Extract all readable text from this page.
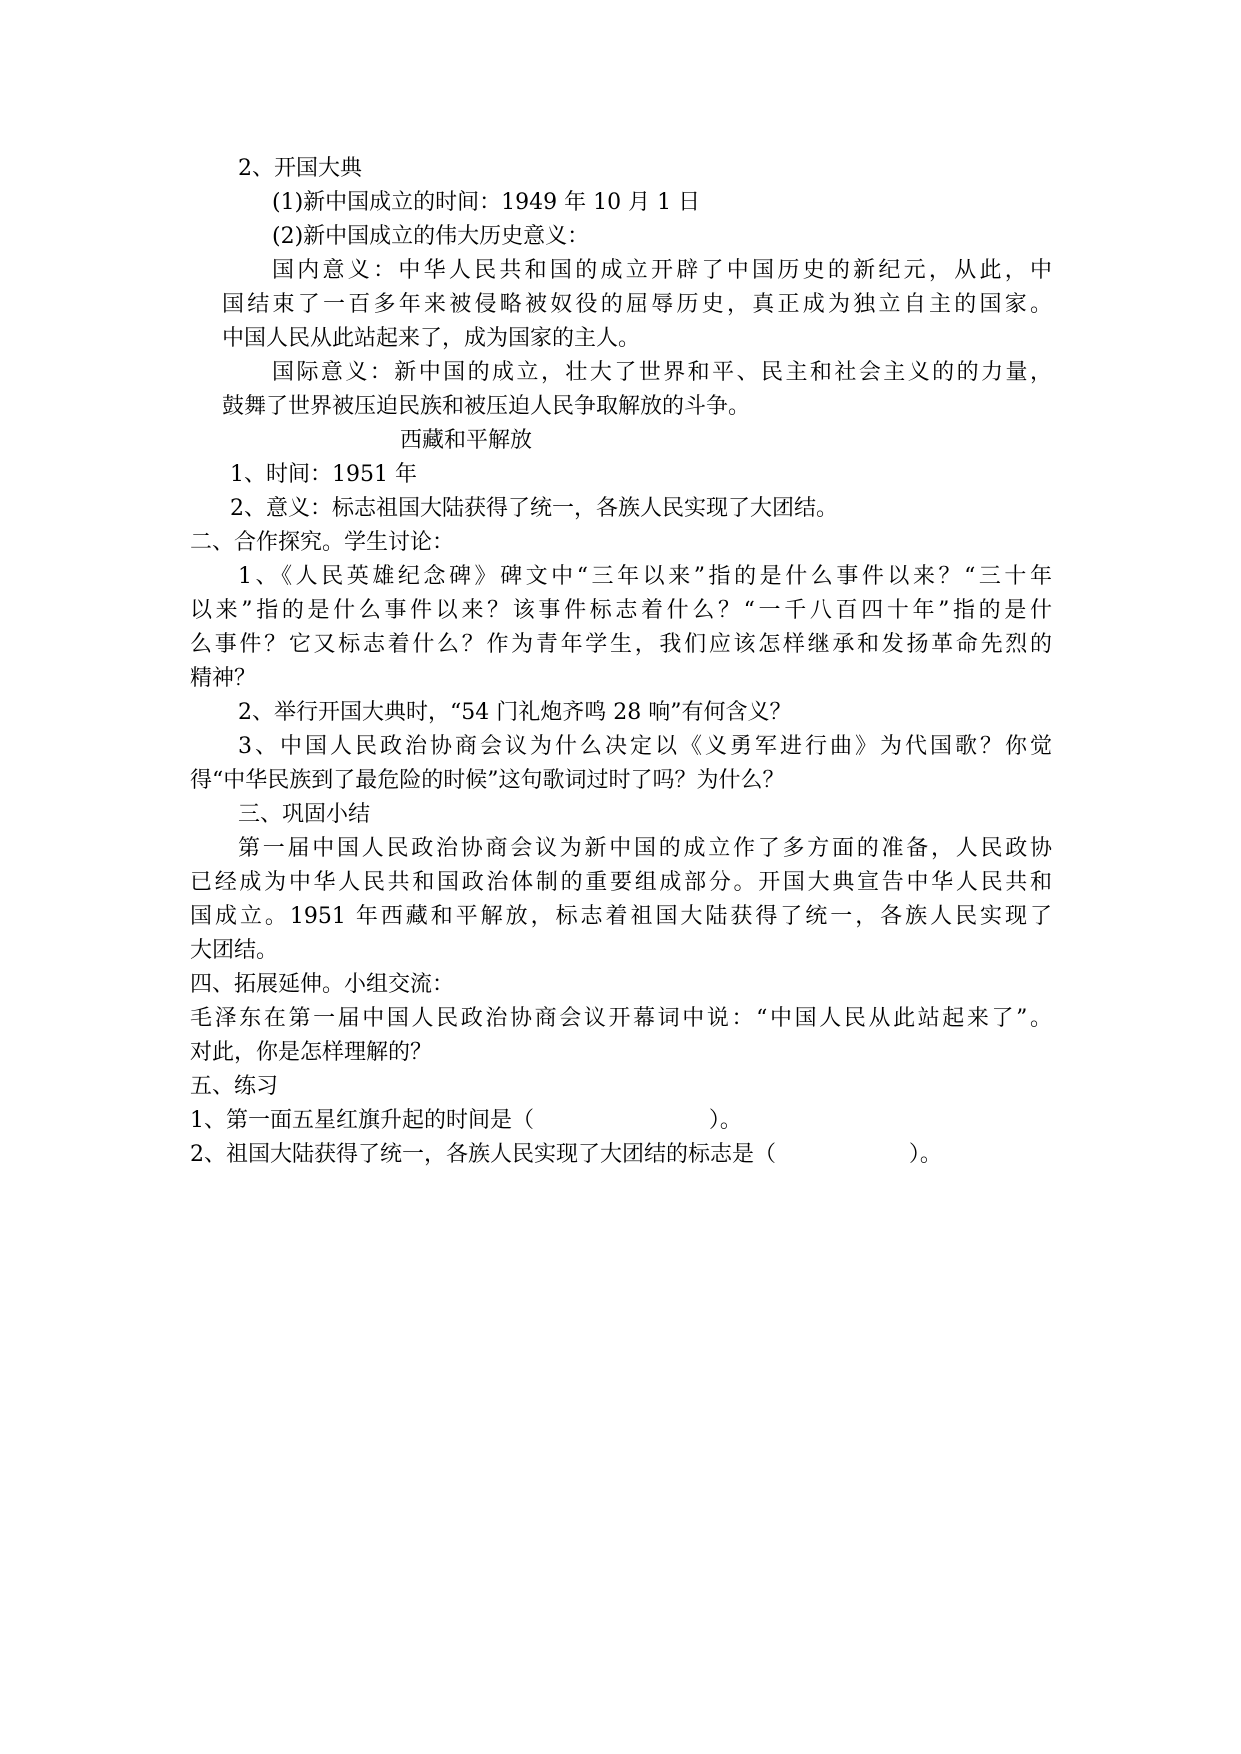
2、开国大典

(1)新中国成立的时间：1949 年 10 月 1 日

(2)新中国成立的伟大历史意义：

国内意义：中华人民共和国的成立开辟了中国历史的新纪元，从此，中

国结束了一百多年来被侵略被奴役的屈辱历史，真正成为独立自主的国家。

中国人民从此站起来了，成为国家的主人。

国际意义：新中国的成立，壮大了世界和平、民主和社会主义的的力量，

鼓舞了世界被压迫民族和被压迫人民争取解放的斗争。

西藏和平解放

1、时间：1951 年

2、意义：标志祖国大陆获得了统一，各族人民实现了大团结。

二、合作探究。学生讨论：

1、《人民英雄纪念碑》碑文中“三年以来”指的是什么事件以来？“三十年

以来”指的是什么事件以来？该事件标志着什么？“一千八百四十年”指的是什

么事件？它又标志着什么？作为青年学生，我们应该怎样继承和发扬革命先烈的

精神？

2、举行开国大典时，“54 门礼炮齐鸣 28 响”有何含义？

3、中国人民政治协商会议为什么决定以《义勇军进行曲》为代国歌？你觉

得“中华民族到了最危险的时候”这句歌词过时了吗？为什么？

三、巩固小结

第一届中国人民政治协商会议为新中国的成立作了多方面的准备，人民政协

已经成为中华人民共和国政治体制的重要组成部分。开国大典宣告中华人民共和

国成立。1951 年西藏和平解放，标志着祖国大陆获得了统一，各族人民实现了

大团结。

四、拓展延伸。小组交流：

毛泽东在第一届中国人民政治协商会议开幕词中说：“中国人民从此站起来了”。

对此，你是怎样理解的？

五、练习

1、第一面五星红旗升起的时间是（                         ）。

2、祖国大陆获得了统一，各族人民实现了大团结的标志是（                   ）。
